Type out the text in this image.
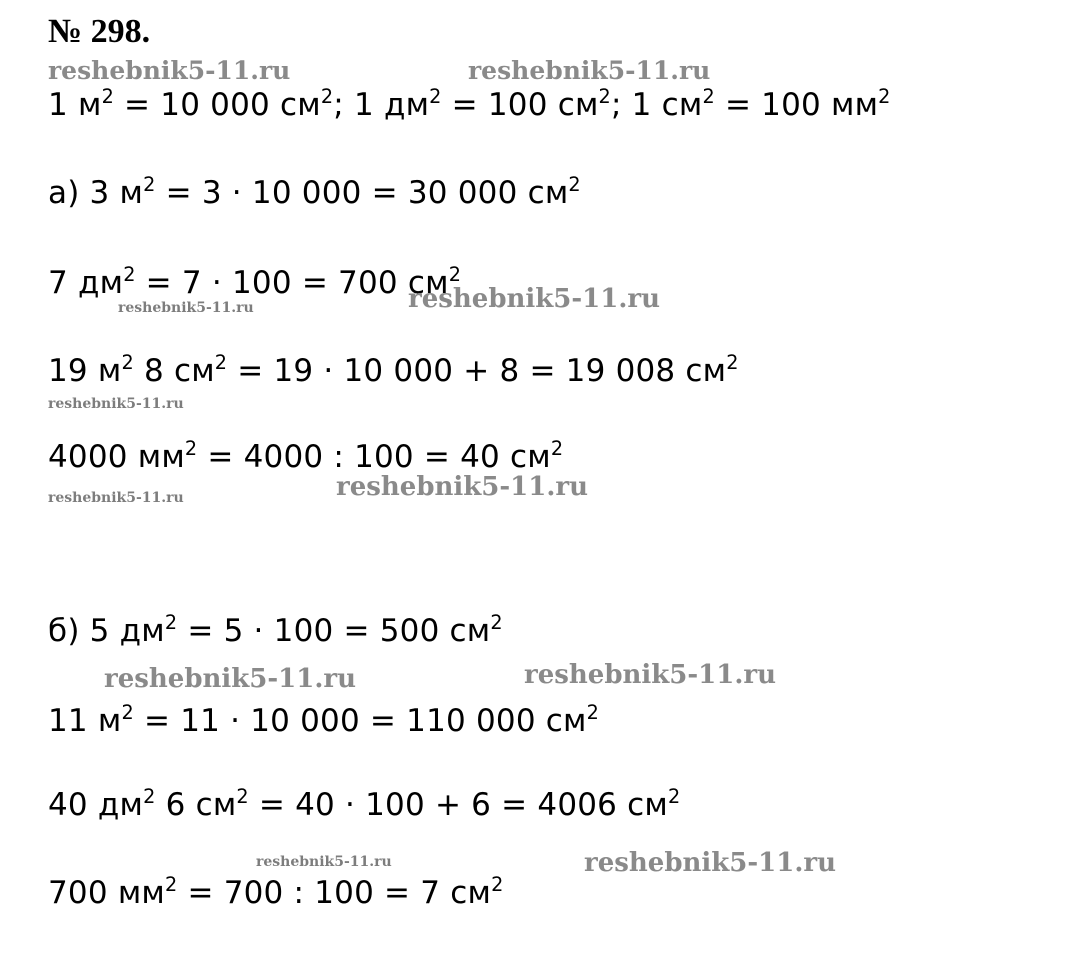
№ 298.
1 $м^2 = 10$ 000 $см^2$; 1 $дм^2 = 100$ $см^2$; 1 $см^2 = 100$ $мм^2$
а) 3 $м^2 = 3 \cdot 10$ 000 = 30 000 $см^2$
7 $дм^2 = 7 \cdot 100 = 700$ $см^2$
19 $м^2$ 8 $см^2 = 19 \cdot 10$ 000 + 8 = 19 008 $см^2$
4000 $мм^2 = 4000$ : 100 = 40 $см^2$
б) 5 $дм^2 = 5 \cdot 100 = 500$ $см^2$
11 $м^2 = 11 \cdot 10$ 000 = 110 000 $см^2$
40 $дм^2$ 6 $см^2 = 40 \cdot 100 + 6 = 4006$ $см^2$
700 $мм^2 = 700$ : 100 = 7 $см^2$
reshebnik5-11.ru	reshebnik5-11.ru
reshebnik5-11.ru
reshebnik5-11.ru
reshebnik5-11.ru
reshebnik5-11.ru
reshebnik5-11.ru
reshebnik5-11.ru	reshebnik5-11.ru
reshebnik5-11.ru	reshebnik5-11.ru
